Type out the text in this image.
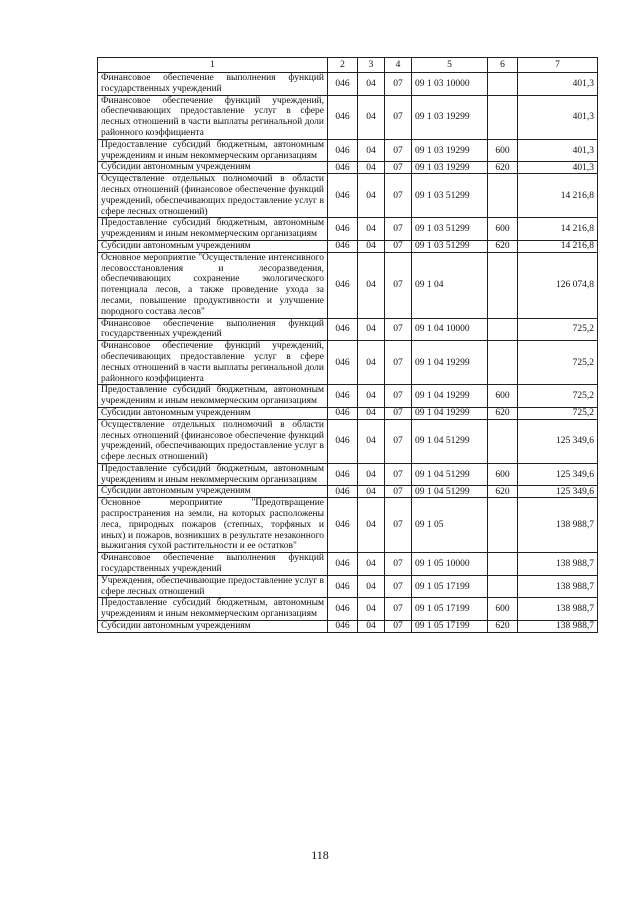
1	2	3	4	5	6	7
Финансовое обеспечение выполнения функций государственных учреждений	046	04	07	09 1 03 10000		401,3
Финансовое обеспечение функций учреждений, обеспечивающих предоставление услуг в сфере лесных отношений в части выплаты регинальной доли районного коэффициента	046	04	07	09 1 03 19299		401,3
Предоставление субсидий бюджетным, автономным учреждениям и иным некоммерческим организациям	046	04	07	09 1 03 19299	600	401,3
Субсидии автономным учреждениям	046	04	07	09 1 03 19299	620	401,3
Осуществление отдельных полномочий в области лесных отношений (финансовое обеспечение функций учреждений, обеспечивающих предоставление услуг в сфере лесных отношений)	046	04	07	09 1 03 51299		14 216,8
Предоставление субсидий бюджетным, автономным учреждениям и иным некоммерческим организациям	046	04	07	09 1 03 51299	600	14 216,8
Субсидии автономным учреждениям	046	04	07	09 1 03 51299	620	14 216,8
Основное мероприятие "Осуществление интенсивного лесовосстановления и лесоразведения, обеспечивающих сохранение экологического потенциала лесов, а также проведение ухода за лесами, повышение продуктивности и улучшение породного состава лесов"	046	04	07	09 1 04		126 074,8
Финансовое обеспечение выполнения функций государственных учреждений	046	04	07	09 1 04 10000		725,2
Финансовое обеспечение функций учреждений, обеспечивающих предоставление услуг в сфере лесных отношений в части выплаты регинальной доли районного коэффициента	046	04	07	09 1 04 19299		725,2
Предоставление субсидий бюджетным, автономным учреждениям и иным некоммерческим организациям	046	04	07	09 1 04 19299	600	725,2
Субсидии автономным учреждениям	046	04	07	09 1 04 19299	620	725,2
Осуществление отдельных полномочий в области лесных отношений (финансовое обеспечение функций учреждений, обеспечивающих предоставление услуг в сфере лесных отношений)	046	04	07	09 1 04 51299		125 349,6
Предоставление субсидий бюджетным, автономным учреждениям и иным некоммерческим организациям	046	04	07	09 1 04 51299	600	125 349,6
Субсидии автономным учреждениям	046	04	07	09 1 04 51299	620	125 349,6
Основное мероприятие "Предотвращение распространения на земли, на которых расположены леса, природных пожаров (степных, торфяных и иных) и пожаров, возникших в результате незаконного выжигания сухой растительности и ее остатков"	046	04	07	09 1 05		138 988,7
Финансовое обеспечение выполнения функций государственных учреждений	046	04	07	09 1 05 10000		138 988,7
Учреждения, обеспечивающие предоставление услуг в сфере лесных отношений	046	04	07	09 1 05 17199		138 988,7
Предоставление субсидий бюджетным, автономным учреждениям и иным некоммерческим организациям	046	04	07	09 1 05 17199	600	138 988,7
Субсидии автономным учреждениям	046	04	07	09 1 05 17199	620	138 988,7
118
